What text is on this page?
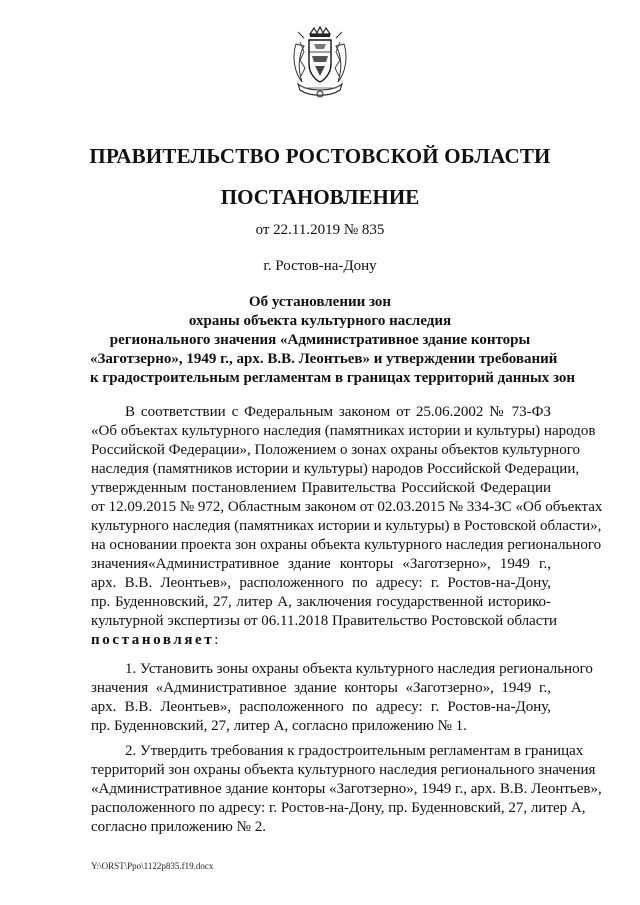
ПРАВИТЕЛЬСТВО РОСТОВСКОЙ ОБЛАСТИ
ПОСТАНОВЛЕНИЕ
от 22.11.2019 № 835
г. Ростов-на-Дону
Об установлении зон
охраны объекта культурного наследия
регионального значения «Административное здание конторы
«Заготзерно», 1949 г., арх. В.В. Леонтьев» и утверждении требований
к градостроительным регламентам в границах территорий данных зон
В соответствии с Федеральным законом от 25.06.2002 № 73-ФЗ
«Об объектах культурного наследия (памятниках истории и культуры) народов
Российской Федерации», Положением о зонах охраны объектов культурного
наследия (памятников истории и культуры) народов Российской Федерации,
утвержденным постановлением Правительства Российской Федерации
от 12.09.2015 № 972, Областным законом от 02.03.2015 № 334-ЗС «Об объектах
культурного наследия (памятниках истории и культуры) в Ростовской области»,
на основании проекта зон охраны объекта культурного наследия регионального
значения«Административное здание конторы «Заготзерно», 1949 г.,
арх. В.В. Леонтьев», расположенного по адресу: г. Ростов-на-Дону,
пр. Буденновский, 27, литер А, заключения государственной историко-
культурной экспертизы от 06.11.2018 Правительство Ростовской области
постановляет:
1. Установить зоны охраны объекта культурного наследия регионального
значения «Административное здание конторы «Заготзерно», 1949 г.,
арх. В.В. Леонтьев», расположенного по адресу: г. Ростов-на-Дону,
пр. Буденновский, 27, литер А, согласно приложению № 1.
2. Утвердить требования к градостроительным регламентам в границах
территорий зон охраны объекта культурного наследия регионального значения
«Административное здание конторы «Заготзерно», 1949 г., арх. В.В. Леонтьев»,
расположенного по адресу: г. Ростов-на-Дону, пр. Буденновский, 27, литер А,
согласно приложению № 2.
Y:\ORST\Ppo\1122p835.f19.docx
